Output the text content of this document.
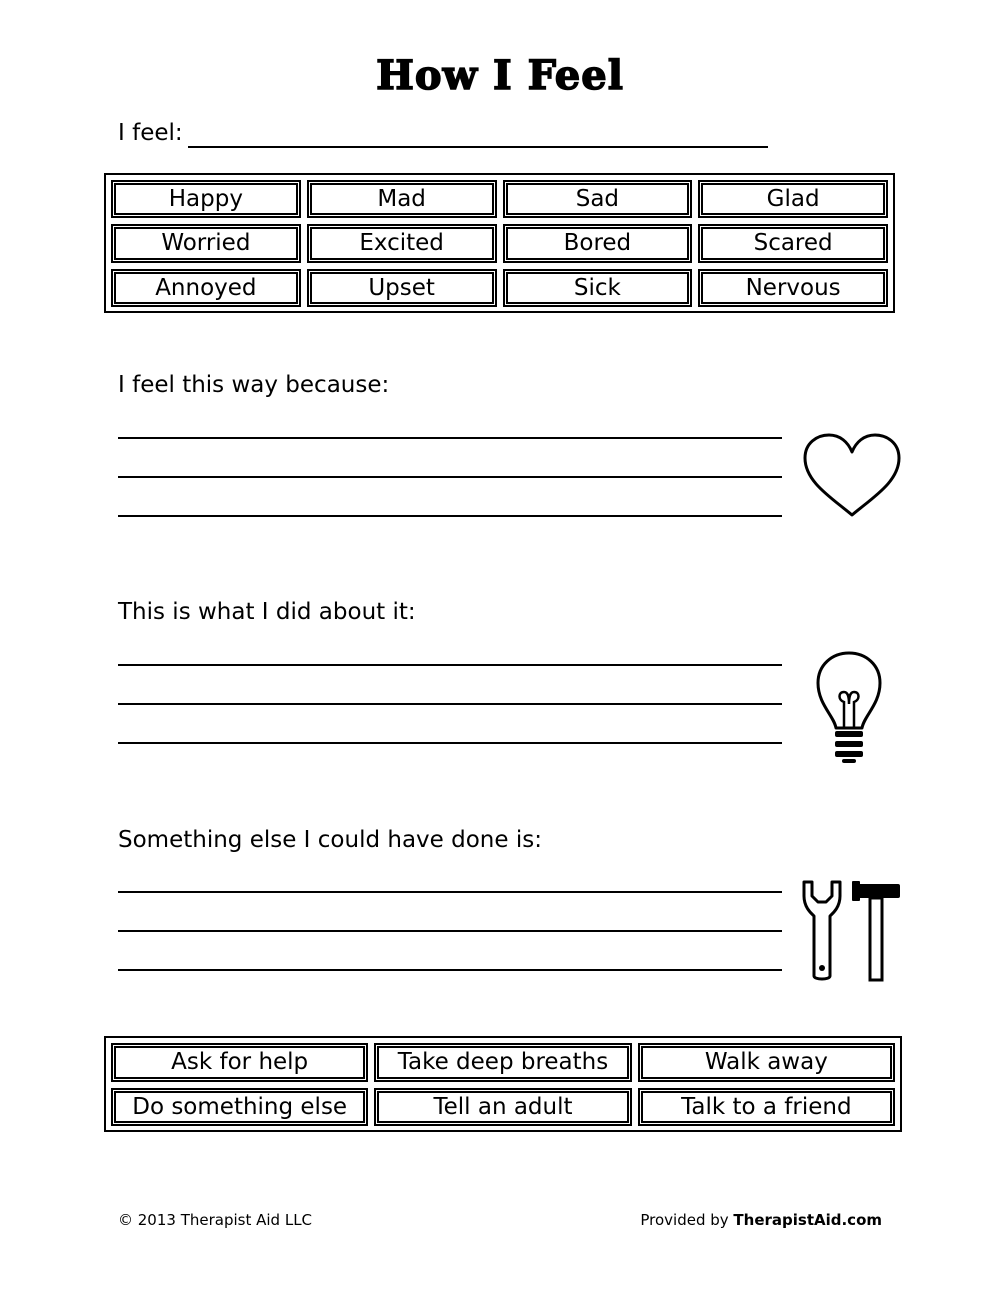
How I Feel
I feel:
Happy	Mad	Sad	Glad
Worried	Excited	Bored	Scared
Annoyed	Upset	Sick	Nervous
I feel this way because:
This is what I did about it:
Something else I could have done is:
Ask for help	Take deep breaths	Walk away
Do something else	Tell an adult	Talk to a friend
© 2013 Therapist Aid LLC	Provided by TherapistAid.com
